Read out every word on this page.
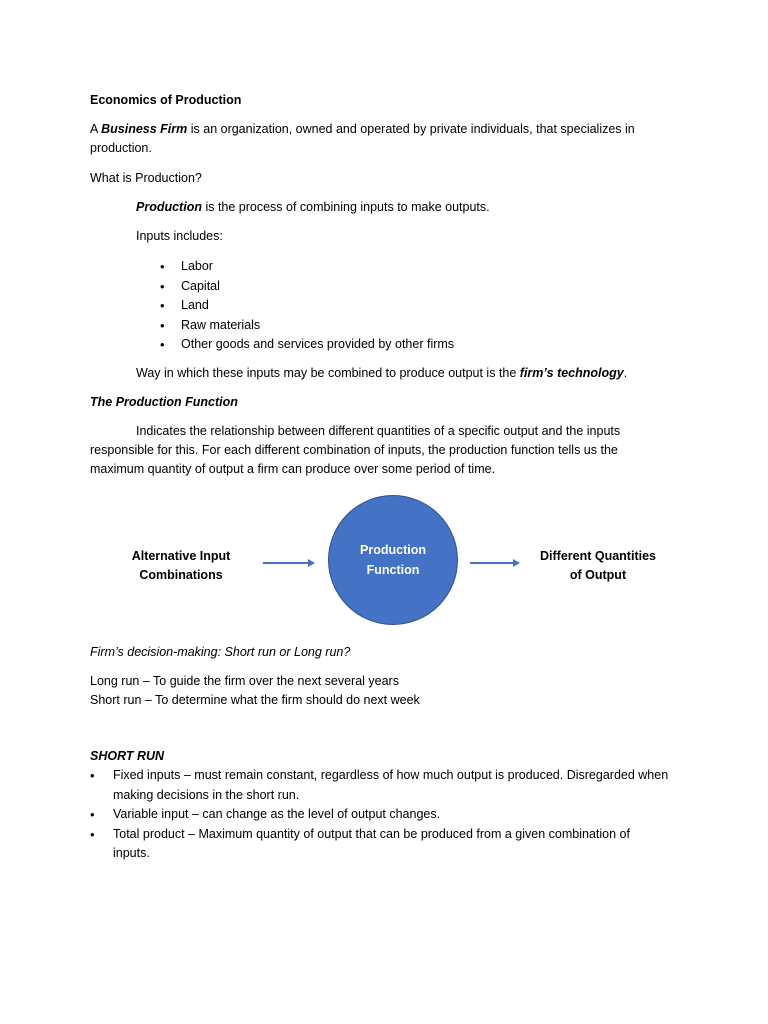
Economics of Production
A Business Firm is an organization, owned and operated by private individuals, that specializes in
production.
What is Production?
Production is the process of combining inputs to make outputs.
Inputs includes:
• Labor
• Capital
• Land
• Raw materials
• Other goods and services provided by other firms
Way in which these inputs may be combined to produce output is the firm’s technology.
The Production Function
Indicates the relationship between different quantities of a specific output and the inputs
responsible for this. For each different combination of inputs, the production function tells us the
maximum quantity of output a firm can produce over some period of time.
Alternative Input
Combinations
Production
Function
Different Quantities
of Output
Firm’s decision-making: Short run or Long run?
Long run – To guide the firm over the next several years
Short run – To determine what the firm should do next week
SHORT RUN
• Fixed inputs – must remain constant, regardless of how much output is produced. Disregarded when
making decisions in the short run.
• Variable input – can change as the level of output changes.
• Total product – Maximum quantity of output that can be produced from a given combination of
inputs.
